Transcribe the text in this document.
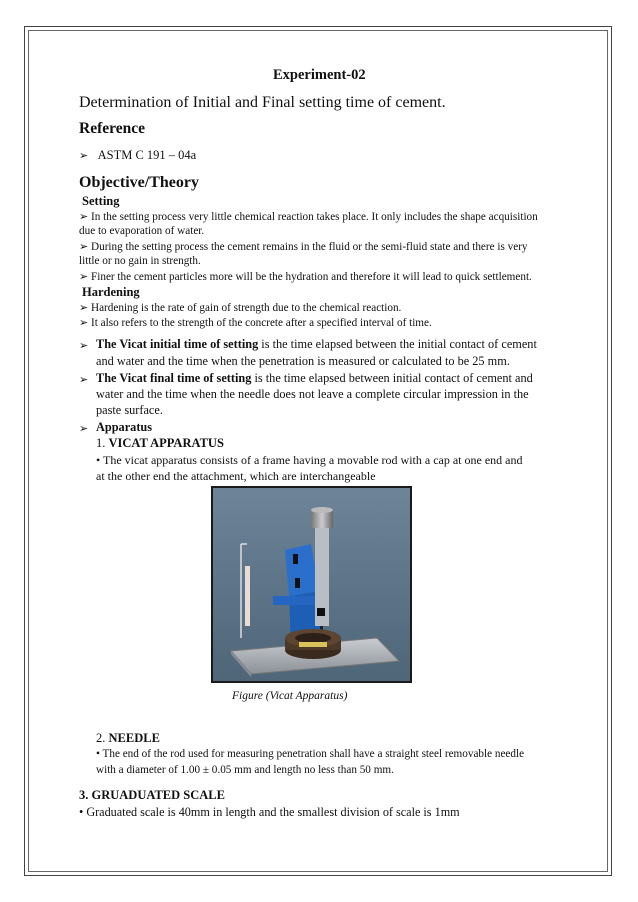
Experiment-02
Determination of Initial and Final setting time of cement.
Reference
➢ ASTM C 191 – 04a
Objective/Theory
Setting
➢ In the setting process very little chemical reaction takes place. It only includes the shape acquisition
due to evaporation of water.
➢ During the setting process the cement remains in the fluid or the semi-fluid state and there is very
little or no gain in strength.
➢ Finer the cement particles more will be the hydration and therefore it will lead to quick settlement.
Hardening
➢ Hardening is the rate of gain of strength due to the chemical reaction.
➢ It also refers to the strength of the concrete after a specified interval of time.
➢ The Vicat initial time of setting is the time elapsed between the initial contact of cement
and water and the time when the penetration is measured or calculated to be 25 mm.
➢ The Vicat final time of setting is the time elapsed between initial contact of cement and
water and the time when the needle does not leave a complete circular impression in the
paste surface.
➢ Apparatus
1. VICAT APPARATUS
• The vicat apparatus consists of a frame having a movable rod with a cap at one end and
at the other end the attachment, which are interchangeable
Figure (Vicat Apparatus)
2. NEEDLE
• The end of the rod used for measuring penetration shall have a straight steel removable needle
with a diameter of 1.00 ± 0.05 mm and length no less than 50 mm.
3. GRUADUATED SCALE
• Graduated scale is 40mm in length and the smallest division of scale is 1mm
